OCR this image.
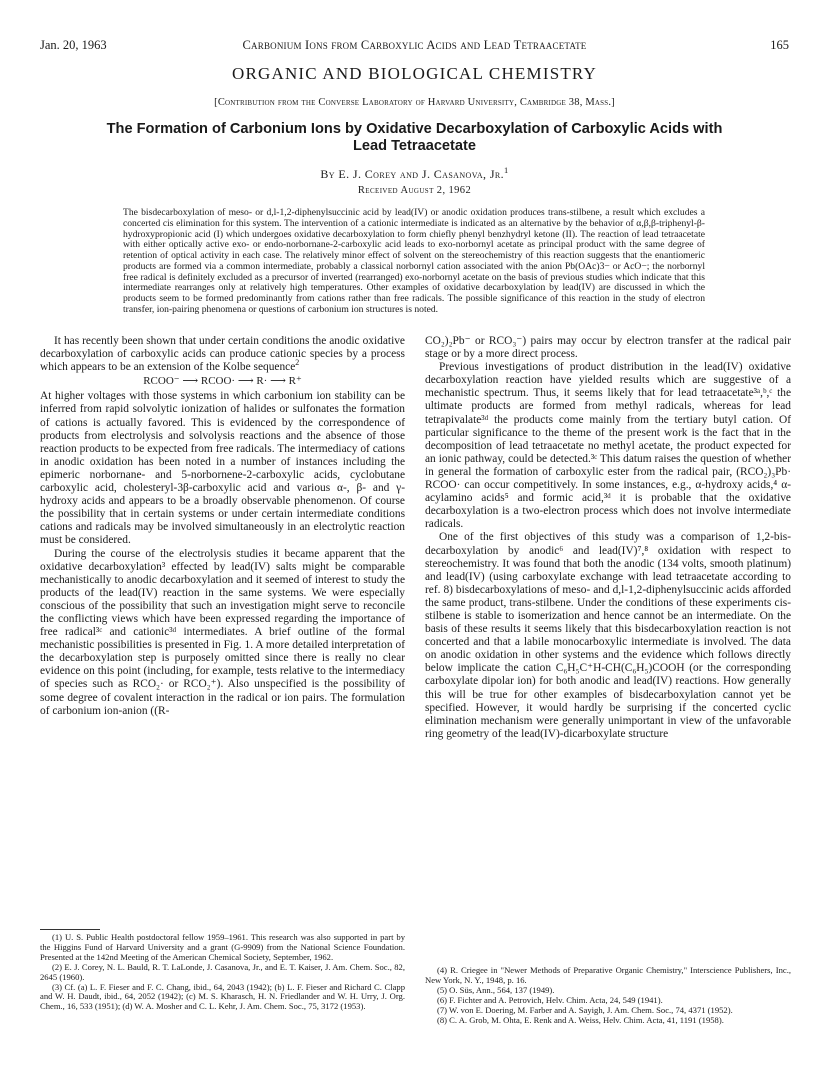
Jan. 20, 1963	Carbonium Ions from Carboxylic Acids and Lead Tetraacetate	165
ORGANIC AND BIOLOGICAL CHEMISTRY
[Contribution from the Converse Laboratory of Harvard University, Cambridge 38, Mass.]
The Formation of Carbonium Ions by Oxidative Decarboxylation of Carboxylic Acids with
Lead Tetraacetate
By E. J. Corey and J. Casanova, Jr.$^1$
Received August 2, 1962
The bisdecarboxylation of meso- or d,l-1,2-diphenylsuccinic acid by lead(IV) or anodic oxidation produces trans-stilbene, a result which excludes a concerted cis elimination for this system. The intervention of a cationic intermediate is indicated as an alternative by the behavior of α,β,β-triphenyl-β-hydroxypropionic acid (I) which undergoes oxidative decarboxylation to form chiefly phenyl benzhydryl ketone (II). The reaction of lead tetraacetate with either optically active exo- or endo-norbornane-2-carboxylic acid leads to exo-norbornyl acetate as principal product with the same degree of retention of optical activity in each case. The relatively minor effect of solvent on the stereochemistry of this reaction suggests that the enantiomeric products are formed via a common intermediate, probably a classical norbornyl cation associated with the anion Pb(OAc)3− or AcO−; the norbornyl free radical is definitely excluded as a precursor of inverted (rearranged) exo-norbornyl acetate on the basis of previous studies which indicate that this intermediate rearranges only at relatively high temperatures. Other examples of oxidative decarboxylation by lead(IV) are discussed in which the products seem to be formed predominantly from cations rather than free radicals. The possible significance of this reaction in the study of electron transfer, ion-pairing phenomena or questions of carbonium ion structures is noted.

It has recently been shown that under certain conditions the anodic oxidative decarboxylation of carboxylic acids can produce cationic species by a process which appears to be an extension of the Kolbe sequence$^2$

RCOO⁻ ⟶ RCOO· ⟶ R· ⟶ R⁺

At higher voltages with those systems in which carbonium ion stability can be inferred from rapid solvolytic ionization of halides or sulfonates the formation of cations is actually favored. This is evidenced by the correspondence of products from electrolysis and solvolysis reactions and the absence of those reaction products to be expected from free radicals. The intermediacy of cations in anodic oxidation has been noted in a number of instances including the epimeric norbornane- and 5-norbornene-2-carboxylic acids, cyclobutane carboxylic acid, cholesteryl-3β-carboxylic acid and various α-, β- and γ-hydroxy acids and appears to be a broadly observable phenomenon. Of course the possibility that in certain systems or under certain intermediate conditions cations and radicals may be involved simultaneously in an electrolytic reaction must be considered.

During the course of the electrolysis studies it became apparent that the oxidative decarboxylation³ effected by lead(IV) salts might be comparable mechanistically to anodic decarboxylation and it seemed of interest to study the products of the lead(IV) reaction in the same systems. We were especially conscious of the possibility that such an investigation might serve to reconcile the conflicting views which have been expressed regarding the importance of free radical³ᶜ and cationic³ᵈ intermediates. A brief outline of the formal mechanistic possibilities is presented in Fig. 1. A more detailed interpretation of the decarboxylation step is purposely omitted since there is really no clear evidence on this point (including, for example, tests relative to the intermediacy of species such as RCO₂· or RCO₂⁺). Also unspecified is the possibility of some degree of covalent interaction in the radical or ion pairs. The formulation of carbonium ion-anion ((R-

CO₂)₂Pb⁻ or RCO₃⁻) pairs may occur by electron transfer at the radical pair stage or by a more direct process.

Previous investigations of product distribution in the lead(IV) oxidative decarboxylation reaction have yielded results which are suggestive of a mechanistic spectrum. Thus, it seems likely that for lead tetraacetate³ᵃ,ᵇ,ᶜ the ultimate products are formed from methyl radicals, whereas for lead tetrapivalate³ᵈ the products come mainly from the tertiary butyl cation. Of particular significance to the theme of the present work is the fact that in the decomposition of lead tetraacetate no methyl acetate, the product expected for an ionic pathway, could be detected.³ᶜ This datum raises the question of whether in general the formation of carboxylic ester from the radical pair, (RCO₂)₃Pb· RCOO· can occur competitively. In some instances, e.g., α-hydroxy acids,⁴ α-acylamino acids⁵ and formic acid,³ᵈ it is probable that the oxidative decarboxylation is a two-electron process which does not involve intermediate radicals.

One of the first objectives of this study was a comparison of 1,2-bis-decarboxylation by anodic⁶ and lead(IV)⁷,⁸ oxidation with respect to stereochemistry. It was found that both the anodic (134 volts, smooth platinum) and lead(IV) (using carboxylate exchange with lead tetraacetate according to ref. 8) bisdecarboxylations of meso- and d,l-1,2-diphenylsuccinic acids afforded the same product, trans-stilbene. Under the conditions of these experiments cis-stilbene is stable to isomerization and hence cannot be an intermediate. On the basis of these results it seems likely that this bisdecarboxylation reaction is not concerted and that a labile monocarboxylic intermediate is involved. The data on anodic oxidation in other systems and the evidence which follows directly below implicate the cation C₆H₅C⁺H-CH(C₆H₅)COOH (or the corresponding carboxylate dipolar ion) for both anodic and lead(IV) reactions. How generally this will be true for other examples of bisdecarboxylation cannot yet be specified. However, it would hardly be surprising if the concerted cyclic elimination mechanism were generally unimportant in view of the unfavorable ring geometry of the lead(IV)-dicarboxylate structure

(1) U. S. Public Health postdoctoral fellow 1959–1961. This research was also supported in part by the Higgins Fund of Harvard University and a grant (G-9909) from the National Science Foundation. Presented at the 142nd Meeting of the American Chemical Society, September, 1962.

(2) E. J. Corey, N. L. Bauld, R. T. LaLonde, J. Casanova, Jr., and E. T. Kaiser, J. Am. Chem. Soc., 82, 2645 (1960).

(3) Cf. (a) L. F. Fieser and F. C. Chang, ibid., 64, 2043 (1942); (b) L. F. Fieser and Richard C. Clapp and W. H. Daudt, ibid., 64, 2052 (1942); (c) M. S. Kharasch, H. N. Friedlander and W. H. Urry, J. Org. Chem., 16, 533 (1951); (d) W. A. Mosher and C. L. Kehr, J. Am. Chem. Soc., 75, 3172 (1953).

(4) R. Criegee in "Newer Methods of Preparative Organic Chemistry," Interscience Publishers, Inc., New York, N. Y., 1948, p. 16.

(5) O. Süs, Ann., 564, 137 (1949).

(6) F. Fichter and A. Petrovich, Helv. Chim. Acta, 24, 549 (1941).

(7) W. von E. Doering, M. Farber and A. Sayigh, J. Am. Chem. Soc., 74, 4371 (1952).

(8) C. A. Grob, M. Ohta, E. Renk and A. Weiss, Helv. Chim. Acta, 41, 1191 (1958).
